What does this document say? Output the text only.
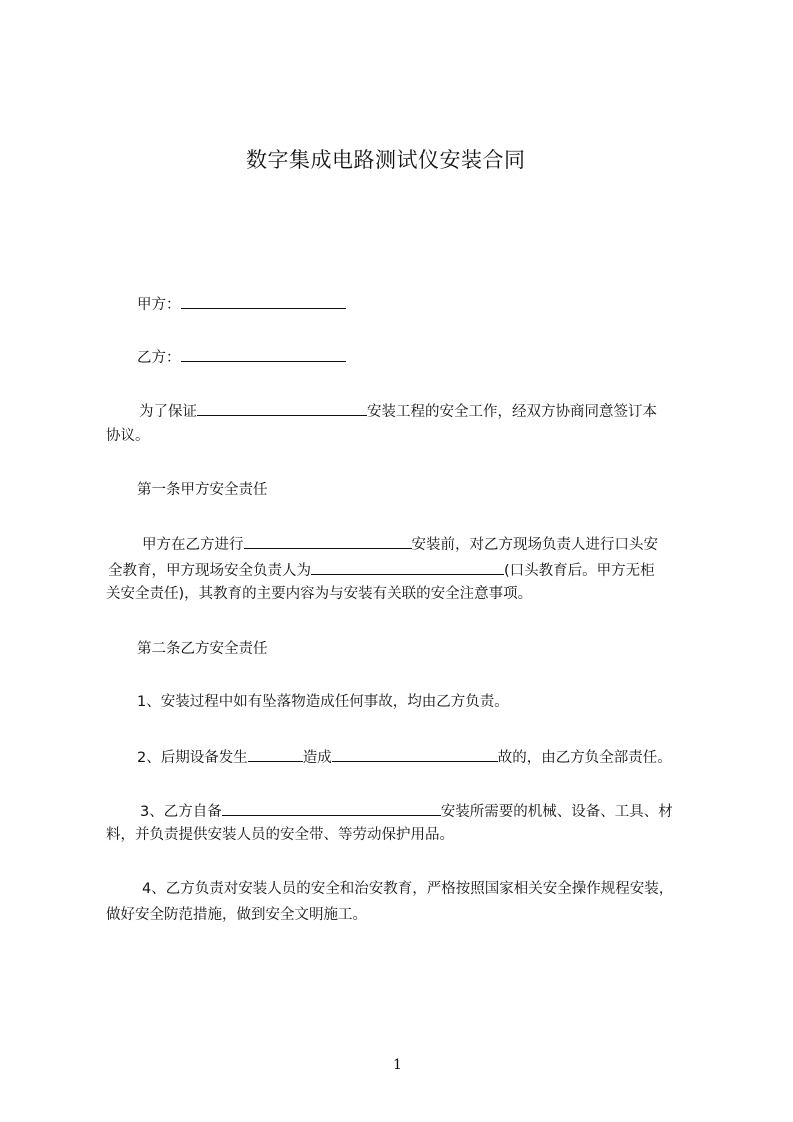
数字集成电路测试仪安装合同
甲方：
乙方：
为了保证	安装工程的安全工作，经双方协商同意签订本
协议。
第一条甲方安全责任
甲方在乙方进行	安装前，对乙方现场负责人进行口头安
全教育，甲方现场安全负责人为	(口头教育后。甲方无柜
关安全责任)，其教育的主要内容为与安装有关联的安全注意事项。
第二条乙方安全责任
1、安装过程中如有坠落物造成任何事故，均由乙方负责。
2、后期设备发生	造成	故的，由乙方负全部责任。
3、乙方自备	安装所需要的机械、设备、工具、材
料，并负责提供安装人员的安全带、等劳动保护用品。
4、乙方负责对安装人员的安全和治安教育，严格按照国家相关安全操作规程安装，
做好安全防范措施，做到安全文明施工。
1
